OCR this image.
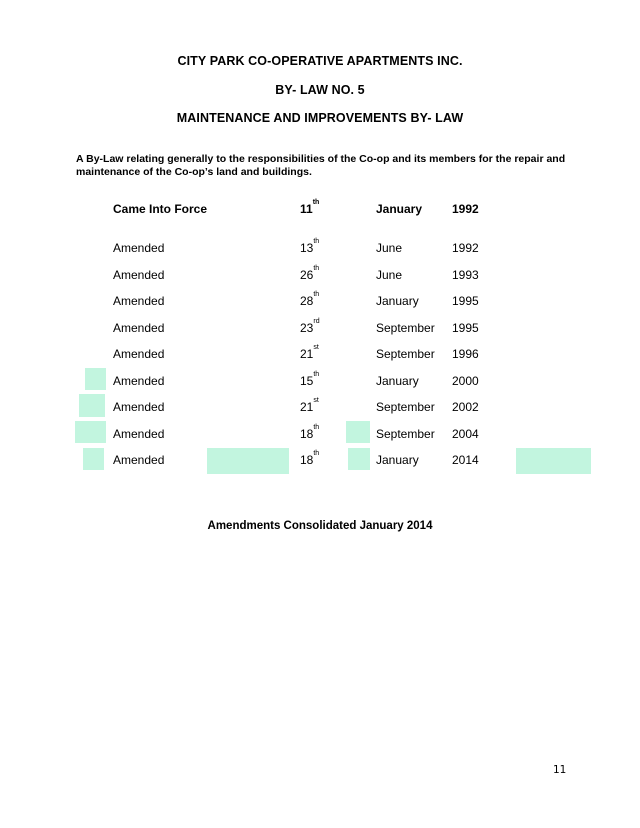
CITY PARK CO-OPERATIVE APARTMENTS INC.
BY- LAW NO. 5
MAINTENANCE AND IMPROVEMENTS BY- LAW
A By-Law relating generally to the responsibilities of the Co-op and its members for the repair and maintenance of the Co-op’s land and buildings.
Came Into Force	11th	January 1992
Amended	13th	June	1992
Amended	26th	June	1993
Amended	28th	January	1995
Amended	23rd	September 1995
Amended	21st	September 1996
Amended	15th	January	2000
Amended	21st	September 2002
Amended	18th	September 2004
Amended	18th	January	2014
Amendments Consolidated January 2014
11
